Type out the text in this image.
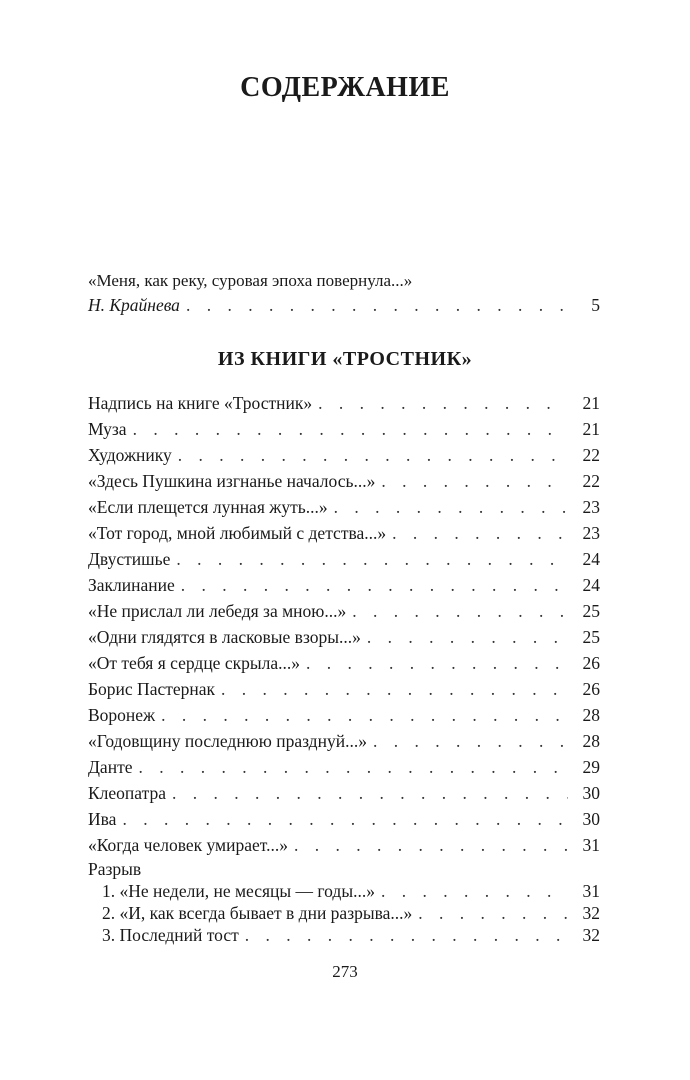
СОДЕРЖАНИЕ
«Меня, как реку, суровая эпоха повернула...»
Н. Крайнева . . .	5
ИЗ КНИГИ «ТРОСТНИК»
Надпись на книге «Тростник» . . .	21
Муза . . .	21
Художнику . . .	22
«Здесь Пушкина изгнанье началось...» . . .	22
«Если плещется лунная жуть...» . . .	23
«Тот город, мной любимый с детства...» . . .	23
Двустишье . . .	24
Заклинание . . .	24
«Не прислал ли лебедя за мною...» . . .	25
«Одни глядятся в ласковые взоры...» . . .	25
«От тебя я сердце скрыла...» . . .	26
Борис Пастернак . . .	26
Воронеж . . .	28
«Годовщину последнюю празднуй...» . . .	28
Данте . . .	29
Клеопатра . . .	30
Ива . . .	30
«Когда человек умирает...» . . .	31
Разрыв
1. «Не недели, не месяцы — годы...» . . .	31
2. «И, как всегда бывает в дни разрыва...» . . .	32
3. Последний тост . . .	32
273
